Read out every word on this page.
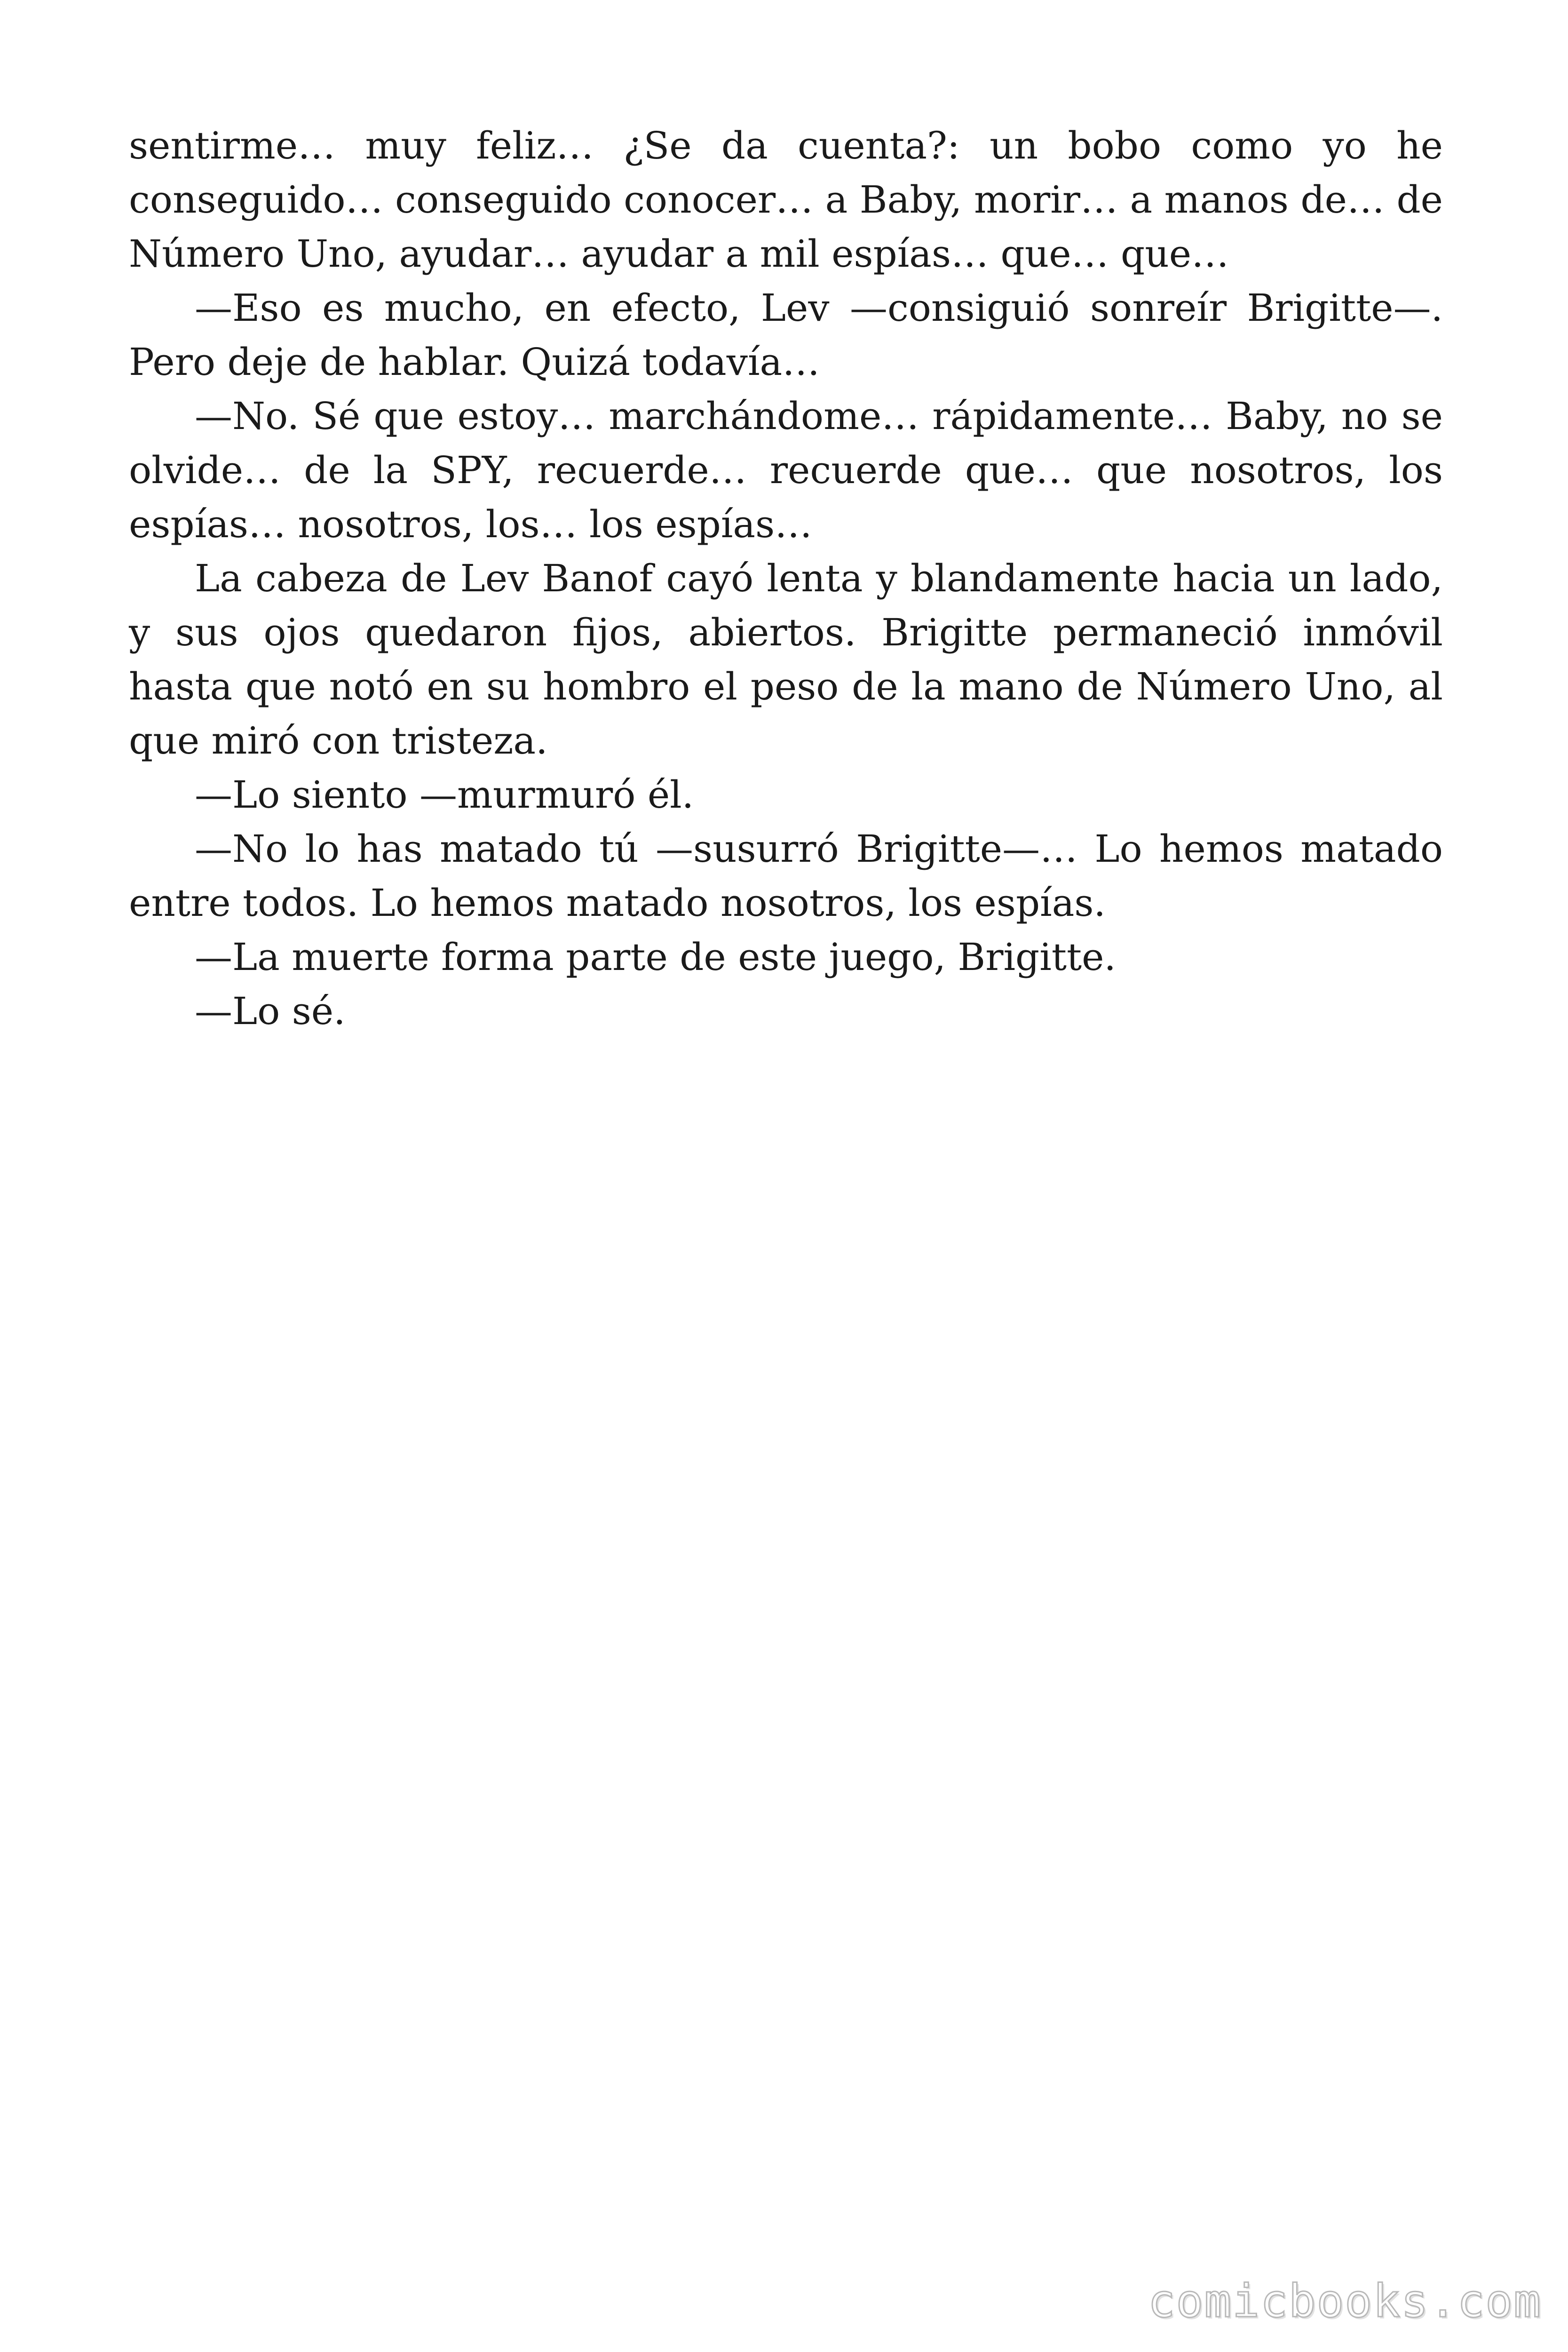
sentirme… muy feliz… ¿Se da cuenta?: un bobo como yo he conseguido… conseguido conocer… a Baby, morir… a manos de… de Número Uno, ayudar… ayudar a mil espías… que… que…

—Eso es mucho, en efecto, Lev —consiguió sonreír Brigitte—. Pero deje de hablar. Quizá todavía…

—No. Sé que estoy… marchándome… rápidamente… Baby, no se olvide… de la SPY, recuerde… recuerde que… que nosotros, los espías… nosotros, los… los espías…

La cabeza de Lev Banof cayó lenta y blandamente hacia un lado, y sus ojos quedaron fijos, abiertos. Brigitte permaneció inmóvil hasta que notó en su hombro el peso de la mano de Número Uno, al que miró con tristeza.

—Lo siento —murmuró él.

—No lo has matado tú —susurró Brigitte—… Lo hemos matado entre todos. Lo hemos matado nosotros, los espías.

—La muerte forma parte de este juego, Brigitte.

—Lo sé.

comicbooks.com
